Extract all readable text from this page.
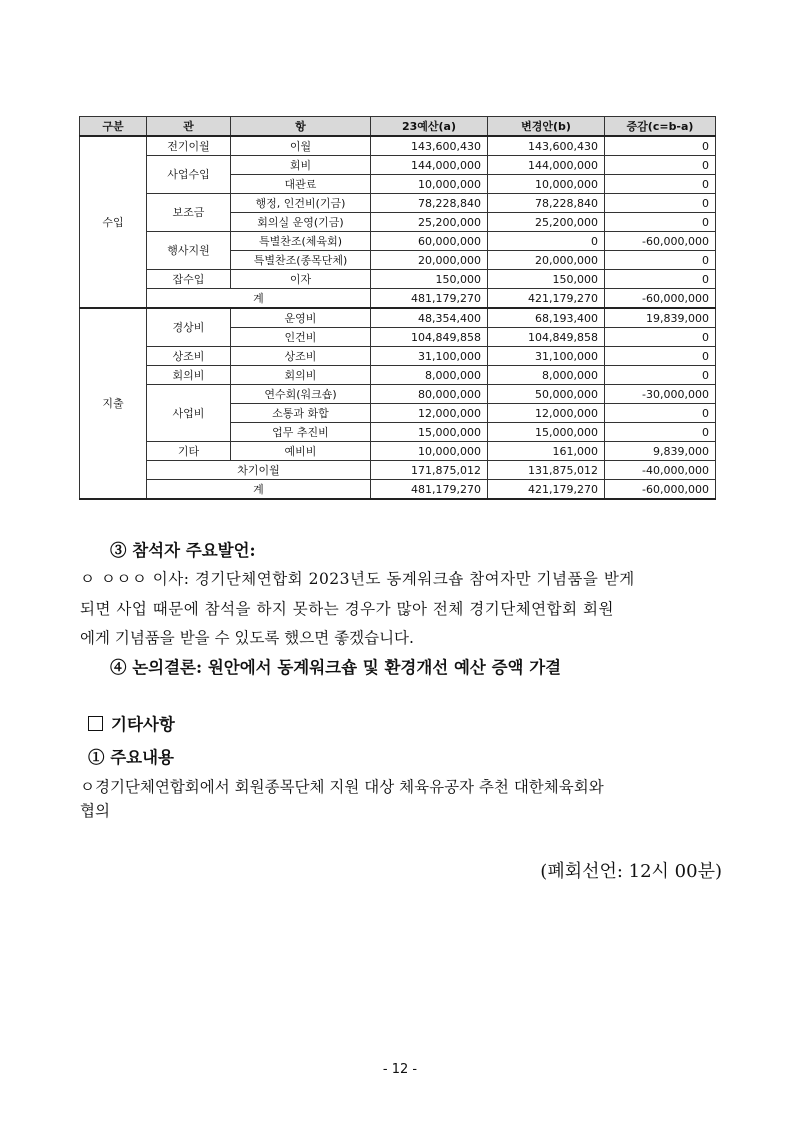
구분	관	항	23예산(a)	변경안(b)	증감(c=b-a)
수입	전기이월	이월	143,600,430	143,600,430	0
	사업수입	회비	144,000,000	144,000,000	0
		대관료	10,000,000	10,000,000	0
	보조금	행정, 인건비(기금)	78,228,840	78,228,840	0
		회의실 운영(기금)	25,200,000	25,200,000	0
	행사지원	특별찬조(체육회)	60,000,000	0	-60,000,000
		특별찬조(종목단체)	20,000,000	20,000,000	0
	잡수입	이자	150,000	150,000	0
	계		481,179,270	421,179,270	-60,000,000
지출	경상비	운영비	48,354,400	68,193,400	19,839,000
		인건비	104,849,858	104,849,858	0
	상조비	상조비	31,100,000	31,100,000	0
	회의비	회의비	8,000,000	8,000,000	0
	사업비	연수회(워크숍)	80,000,000	50,000,000	-30,000,000
		소통과 화합	12,000,000	12,000,000	0
		업무 추진비	15,000,000	15,000,000	0
	기타	예비비	10,000,000	161,000	9,839,000
	차기이월		171,875,012	131,875,012	-40,000,000
	계		481,179,270	421,179,270	-60,000,000
③ 참석자 주요발언:
ㅇ ㅇㅇㅇ 이사: 경기단체연합회 2023년도 동계워크숍 참여자만 기념품을 받게
되면 사업 때문에 참석을 하지 못하는 경우가 많아 전체 경기단체연합회 회원
에게 기념품을 받을 수 있도록 했으면 좋겠습니다.
④ 논의결론: 원안에서 동계워크숍 및 환경개선 예산 증액 가결
기타사항
① 주요내용
ㅇ경기단체연합회에서 회원종목단체 지원 대상 체육유공자 추천 대한체육회와
협의
(폐회선언: 12시 00분)
- 12 -
